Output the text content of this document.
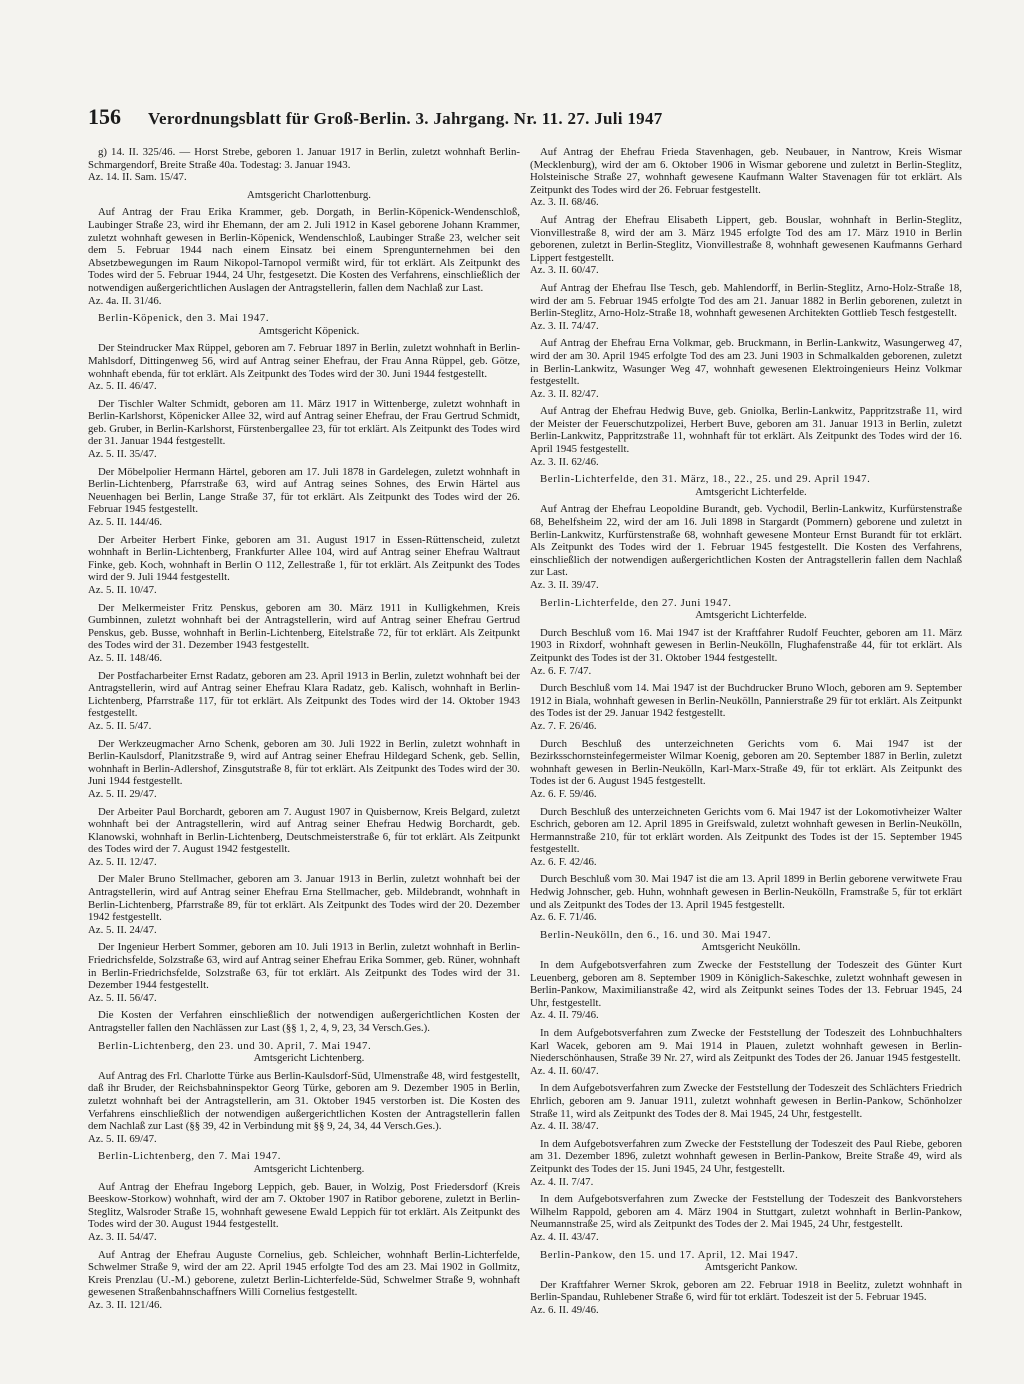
156	Verordnungsblatt für Groß-Berlin. 3. Jahrgang. Nr. 11. 27. Juli 1947

g) 14. II. 325/46. — Horst Strebe, geboren 1. Januar 1917 in Berlin, zuletzt wohnhaft Berlin-Schmargendorf, Breite Straße 40a. Todestag: 3. Januar 1943.

Az. 14. II. Sam. 15/47.

Amtsgericht Charlottenburg.

Auf Antrag der Frau Erika Krammer, geb. Dorgath, in Berlin-Köpenick-Wendenschloß, Laubinger Straße 23, wird ihr Ehemann, der am 2. Juli 1912 in Kasel geborene Johann Krammer, zuletzt wohnhaft gewesen in Berlin-Köpenick, Wendenschloß, Laubinger Straße 23, welcher seit dem 5. Februar 1944 nach einem Einsatz bei einem Sprengunternehmen bei den Absetzbewegungen im Raum Nikopol-Tarnopol vermißt wird, für tot erklärt. Als Zeitpunkt des Todes wird der 5. Februar 1944, 24 Uhr, festgesetzt. Die Kosten des Verfahrens, einschließlich der notwendigen außergerichtlichen Auslagen der Antragstellerin, fallen dem Nachlaß zur Last.

Az. 4a. II. 31/46.

Berlin-Köpenick, den 3. Mai 1947.

Amtsgericht Köpenick.

Der Steindrucker Max Rüppel, geboren am 7. Februar 1897 in Berlin, zuletzt wohnhaft in Berlin-Mahlsdorf, Dittingenweg 56, wird auf Antrag seiner Ehefrau, der Frau Anna Rüppel, geb. Götze, wohnhaft ebenda, für tot erklärt. Als Zeitpunkt des Todes wird der 30. Juni 1944 festgestellt.

Az. 5. II. 46/47.

Der Tischler Walter Schmidt, geboren am 11. März 1917 in Wittenberge, zuletzt wohnhaft in Berlin-Karlshorst, Köpenicker Allee 32, wird auf Antrag seiner Ehefrau, der Frau Gertrud Schmidt, geb. Gruber, in Berlin-Karlshorst, Fürstenbergallee 23, für tot erklärt. Als Zeitpunkt des Todes wird der 31. Januar 1944 festgestellt.

Az. 5. II. 35/47.

Der Möbelpolier Hermann Härtel, geboren am 17. Juli 1878 in Gardelegen, zuletzt wohnhaft in Berlin-Lichtenberg, Pfarrstraße 63, wird auf Antrag seines Sohnes, des Erwin Härtel aus Neuenhagen bei Berlin, Lange Straße 37, für tot erklärt. Als Zeitpunkt des Todes wird der 26. Februar 1945 festgestellt.

Az. 5. II. 144/46.

Der Arbeiter Herbert Finke, geboren am 31. August 1917 in Essen-Rüttenscheid, zuletzt wohnhaft in Berlin-Lichtenberg, Frankfurter Allee 104, wird auf Antrag seiner Ehefrau Waltraut Finke, geb. Koch, wohnhaft in Berlin O 112, Zellestraße 1, für tot erklärt. Als Zeitpunkt des Todes wird der 9. Juli 1944 festgestellt.

Az. 5. II. 10/47.

Der Melkermeister Fritz Penskus, geboren am 30. März 1911 in Kulligkehmen, Kreis Gumbinnen, zuletzt wohnhaft bei der Antragstellerin, wird auf Antrag seiner Ehefrau Gertrud Penskus, geb. Busse, wohnhaft in Berlin-Lichtenberg, Eitelstraße 72, für tot erklärt. Als Zeitpunkt des Todes wird der 31. Dezember 1943 festgestellt.

Az. 5. II. 148/46.

Der Postfacharbeiter Ernst Radatz, geboren am 23. April 1913 in Berlin, zuletzt wohnhaft bei der Antragstellerin, wird auf Antrag seiner Ehefrau Klara Radatz, geb. Kalisch, wohnhaft in Berlin-Lichtenberg, Pfarrstraße 117, für tot erklärt. Als Zeitpunkt des Todes wird der 14. Oktober 1943 festgestellt.

Az. 5. II. 5/47.

Der Werkzeugmacher Arno Schenk, geboren am 30. Juli 1922 in Berlin, zuletzt wohnhaft in Berlin-Kaulsdorf, Planitzstraße 9, wird auf Antrag seiner Ehefrau Hildegard Schenk, geb. Sellin, wohnhaft in Berlin-Adlershof, Zinsgutstraße 8, für tot erklärt. Als Zeitpunkt des Todes wird der 30. Juni 1944 festgestellt.

Az. 5. II. 29/47.

Der Arbeiter Paul Borchardt, geboren am 7. August 1907 in Quisbernow, Kreis Belgard, zuletzt wohnhaft bei der Antragstellerin, wird auf Antrag seiner Ehefrau Hedwig Borchardt, geb. Klanowski, wohnhaft in Berlin-Lichtenberg, Deutschmeisterstraße 6, für tot erklärt. Als Zeitpunkt des Todes wird der 7. August 1942 festgestellt.

Az. 5. II. 12/47.

Der Maler Bruno Stellmacher, geboren am 3. Januar 1913 in Berlin, zuletzt wohnhaft bei der Antragstellerin, wird auf Antrag seiner Ehefrau Erna Stellmacher, geb. Mildebrandt, wohnhaft in Berlin-Lichtenberg, Pfarrstraße 89, für tot erklärt. Als Zeitpunkt des Todes wird der 20. Dezember 1942 festgestellt.

Az. 5. II. 24/47.

Der Ingenieur Herbert Sommer, geboren am 10. Juli 1913 in Berlin, zuletzt wohnhaft in Berlin-Friedrichsfelde, Solzstraße 63, wird auf Antrag seiner Ehefrau Erika Sommer, geb. Rüner, wohnhaft in Berlin-Friedrichsfelde, Solzstraße 63, für tot erklärt. Als Zeitpunkt des Todes wird der 31. Dezember 1944 festgestellt.

Az. 5. II. 56/47.

Die Kosten der Verfahren einschließlich der notwendigen außergerichtlichen Kosten der Antragsteller fallen den Nachlässen zur Last (§§ 1, 2, 4, 9, 23, 34 Versch.Ges.).

Berlin-Lichtenberg, den 23. und 30. April, 7. Mai 1947.

Amtsgericht Lichtenberg.

Auf Antrag des Frl. Charlotte Türke aus Berlin-Kaulsdorf-Süd, Ulmenstraße 48, wird festgestellt, daß ihr Bruder, der Reichsbahninspektor Georg Türke, geboren am 9. Dezember 1905 in Berlin, zuletzt wohnhaft bei der Antragstellerin, am 31. Oktober 1945 verstorben ist. Die Kosten des Verfahrens einschließlich der notwendigen außergerichtlichen Kosten der Antragstellerin fallen dem Nachlaß zur Last (§§ 39, 42 in Verbindung mit §§ 9, 24, 34, 44 Versch.Ges.).

Az. 5. II. 69/47.

Berlin-Lichtenberg, den 7. Mai 1947.

Amtsgericht Lichtenberg.

Auf Antrag der Ehefrau Ingeborg Leppich, geb. Bauer, in Wolzig, Post Friedersdorf (Kreis Beeskow-Storkow) wohnhaft, wird der am 7. Oktober 1907 in Ratibor geborene, zuletzt in Berlin-Steglitz, Walsroder Straße 15, wohnhaft gewesene Ewald Leppich für tot erklärt. Als Zeitpunkt des Todes wird der 30. August 1944 festgestellt.

Az. 3. II. 54/47.

Auf Antrag der Ehefrau Auguste Cornelius, geb. Schleicher, wohnhaft Berlin-Lichterfelde, Schwelmer Straße 9, wird der am 22. April 1945 erfolgte Tod des am 23. Mai 1902 in Gollmitz, Kreis Prenzlau (U.-M.) geborene, zuletzt Berlin-Lichterfelde-Süd, Schwelmer Straße 9, wohnhaft gewesenen Straßenbahnschaffners Willi Cornelius festgestellt.

Az. 3. II. 121/46.

Auf Antrag der Ehefrau Frieda Stavenhagen, geb. Neubauer, in Nantrow, Kreis Wismar (Mecklenburg), wird der am 6. Oktober 1906 in Wismar geborene und zuletzt in Berlin-Steglitz, Holsteinische Straße 27, wohnhaft gewesene Kaufmann Walter Stavenagen für tot erklärt. Als Zeitpunkt des Todes wird der 26. Februar festgestellt.

Az. 3. II. 68/46.

Auf Antrag der Ehefrau Elisabeth Lippert, geb. Bouslar, wohnhaft in Berlin-Steglitz, Vionvillestraße 8, wird der am 3. März 1945 erfolgte Tod des am 17. März 1910 in Berlin geborenen, zuletzt in Berlin-Steglitz, Vionvillestraße 8, wohnhaft gewesenen Kaufmanns Gerhard Lippert festgestellt.

Az. 3. II. 60/47.

Auf Antrag der Ehefrau Ilse Tesch, geb. Mahlendorff, in Berlin-Steglitz, Arno-Holz-Straße 18, wird der am 5. Februar 1945 erfolgte Tod des am 21. Januar 1882 in Berlin geborenen, zuletzt in Berlin-Steglitz, Arno-Holz-Straße 18, wohnhaft gewesenen Architekten Gottlieb Tesch festgestellt.

Az. 3. II. 74/47.

Auf Antrag der Ehefrau Erna Volkmar, geb. Bruckmann, in Berlin-Lankwitz, Wasungerweg 47, wird der am 30. April 1945 erfolgte Tod des am 23. Juni 1903 in Schmalkalden geborenen, zuletzt in Berlin-Lankwitz, Wasunger Weg 47, wohnhaft gewesenen Elektroingenieurs Heinz Volkmar festgestellt.

Az. 3. II. 82/47.

Auf Antrag der Ehefrau Hedwig Buve, geb. Gniolka, Berlin-Lankwitz, Pappritzstraße 11, wird der Meister der Feuerschutzpolizei, Herbert Buve, geboren am 31. Januar 1913 in Berlin, zuletzt Berlin-Lankwitz, Pappritzstraße 11, wohnhaft für tot erklärt. Als Zeitpunkt des Todes wird der 16. April 1945 festgestellt.

Az. 3. II. 62/46.

Berlin-Lichterfelde, den 31. März, 18., 22., 25. und 29. April 1947.

Amtsgericht Lichterfelde.

Auf Antrag der Ehefrau Leopoldine Burandt, geb. Vychodil, Berlin-Lankwitz, Kurfürstenstraße 68, Behelfsheim 22, wird der am 16. Juli 1898 in Stargardt (Pommern) geborene und zuletzt in Berlin-Lankwitz, Kurfürstenstraße 68, wohnhaft gewesene Monteur Ernst Burandt für tot erklärt. Als Zeitpunkt des Todes wird der 1. Februar 1945 festgestellt. Die Kosten des Verfahrens, einschließlich der notwendigen außergerichtlichen Kosten der Antragstellerin fallen dem Nachlaß zur Last.

Az. 3. II. 39/47.

Berlin-Lichterfelde, den 27. Juni 1947.

Amtsgericht Lichterfelde.

Durch Beschluß vom 16. Mai 1947 ist der Kraftfahrer Rudolf Feuchter, geboren am 11. März 1903 in Rixdorf, wohnhaft gewesen in Berlin-Neukölln, Flughafenstraße 44, für tot erklärt. Als Zeitpunkt des Todes ist der 31. Oktober 1944 festgestellt.

Az. 6. F. 7/47.

Durch Beschluß vom 14. Mai 1947 ist der Buchdrucker Bruno Wloch, geboren am 9. September 1912 in Biala, wohnhaft gewesen in Berlin-Neukölln, Pannierstraße 29 für tot erklärt. Als Zeitpunkt des Todes ist der 29. Januar 1942 festgestellt.

Az. 7. F. 26/46.

Durch Beschluß des unterzeichneten Gerichts vom 6. Mai 1947 ist der Bezirksschornsteinfegermeister Wilmar Koenig, geboren am 20. September 1887 in Berlin, zuletzt wohnhaft gewesen in Berlin-Neukölln, Karl-Marx-Straße 49, für tot erklärt. Als Zeitpunkt des Todes ist der 6. August 1945 festgestellt.

Az. 6. F. 59/46.

Durch Beschluß des unterzeichneten Gerichts vom 6. Mai 1947 ist der Lokomotivheizer Walter Eschrich, geboren am 12. April 1895 in Greifswald, zuletzt wohnhaft gewesen in Berlin-Neukölln, Hermannstraße 210, für tot erklärt worden. Als Zeitpunkt des Todes ist der 15. September 1945 festgestellt.

Az. 6. F. 42/46.

Durch Beschluß vom 30. Mai 1947 ist die am 13. April 1899 in Berlin geborene verwitwete Frau Hedwig Johnscher, geb. Huhn, wohnhaft gewesen in Berlin-Neukölln, Framstraße 5, für tot erklärt und als Zeitpunkt des Todes der 13. April 1945 festgestellt.

Az. 6. F. 71/46.

Berlin-Neukölln, den 6., 16. und 30. Mai 1947.

Amtsgericht Neukölln.

In dem Aufgebotsverfahren zum Zwecke der Feststellung der Todeszeit des Günter Kurt Leuenberg, geboren am 8. September 1909 in Königlich-Sakeschke, zuletzt wohnhaft gewesen in Berlin-Pankow, Maximilianstraße 42, wird als Zeitpunkt seines Todes der 13. Februar 1945, 24 Uhr, festgestellt.

Az. 4. II. 79/46.

In dem Aufgebotsverfahren zum Zwecke der Feststellung der Todeszeit des Lohnbuchhalters Karl Wacek, geboren am 9. Mai 1914 in Plauen, zuletzt wohnhaft gewesen in Berlin-Niederschönhausen, Straße 39 Nr. 27, wird als Zeitpunkt des Todes der 26. Januar 1945 festgestellt.

Az. 4. II. 60/47.

In dem Aufgebotsverfahren zum Zwecke der Feststellung der Todeszeit des Schlächters Friedrich Ehrlich, geboren am 9. Januar 1911, zuletzt wohnhaft gewesen in Berlin-Pankow, Schönholzer Straße 11, wird als Zeitpunkt des Todes der 8. Mai 1945, 24 Uhr, festgestellt.

Az. 4. II. 38/47.

In dem Aufgebotsverfahren zum Zwecke der Feststellung der Todeszeit des Paul Riebe, geboren am 31. Dezember 1896, zuletzt wohnhaft gewesen in Berlin-Pankow, Breite Straße 49, wird als Zeitpunkt des Todes der 15. Juni 1945, 24 Uhr, festgestellt.

Az. 4. II. 7/47.

In dem Aufgebotsverfahren zum Zwecke der Feststellung der Todeszeit des Bankvorstehers Wilhelm Rappold, geboren am 4. März 1904 in Stuttgart, zuletzt wohnhaft in Berlin-Pankow, Neumannstraße 25, wird als Zeitpunkt des Todes der 2. Mai 1945, 24 Uhr, festgestellt.

Az. 4. II. 43/47.

Berlin-Pankow, den 15. und 17. April, 12. Mai 1947.

Amtsgericht Pankow.

Der Kraftfahrer Werner Skrok, geboren am 22. Februar 1918 in Beelitz, zuletzt wohnhaft in Berlin-Spandau, Ruhlebener Straße 6, wird für tot erklärt. Todeszeit ist der 5. Februar 1945.

Az. 6. II. 49/46.
